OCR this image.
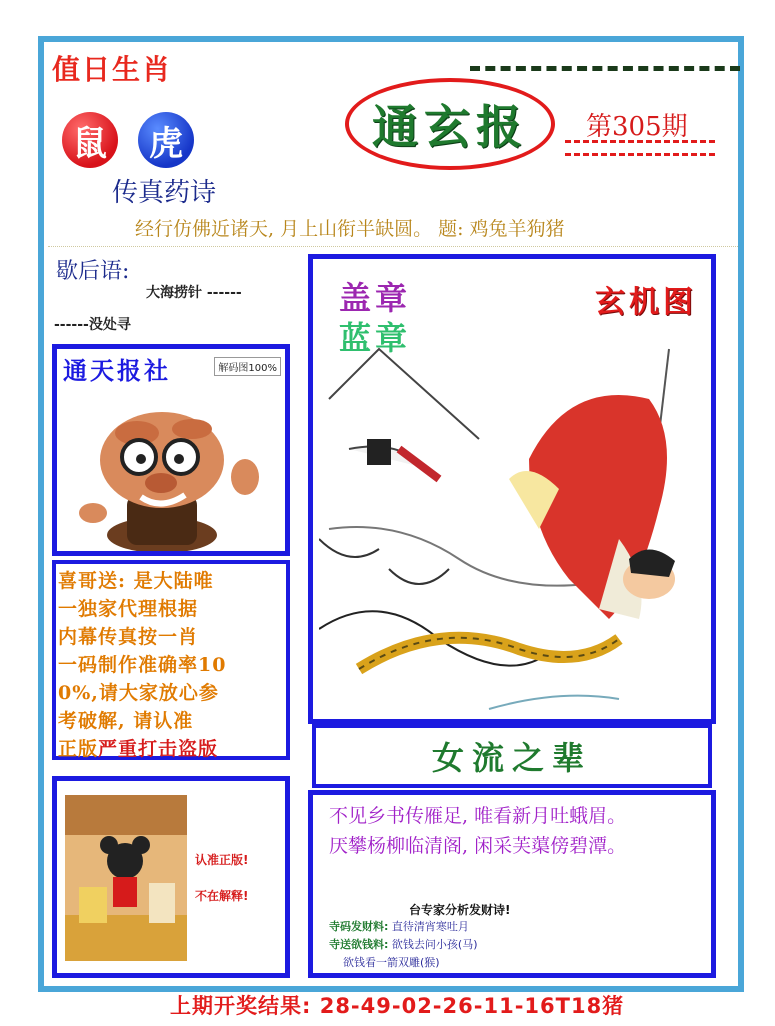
值日生肖
鼠	虎
传真药诗
通玄报 第305期
经行仿佛近诸天, 月上山衔半缺圆。 题: 鸡兔羊狗猪
歇后语:
大海捞针 ------
------没处寻
通天报社	解码图100%

喜哥送: 是大陆唯

一独家代理根据

内幕传真按一肖

一码制作准确率10

0%,请大家放心参

考破解, 请认准

正版严重打击盗版

认准正版!
不在解释!
盖章
蓝章
玄机图
女流之辈
不见乡书传雁足, 唯看新月吐蛾眉。
厌攀杨柳临清阁, 闲采芙蕖傍碧潭。
台专家分析发财诗!
寺码发财料: 直待清宵寒吐月
寺送欲钱料: 欲钱去问小孩(马)
欲钱看一箭双雕(猴)
上期开奖结果: 28-49-02-26-11-16T18猪
